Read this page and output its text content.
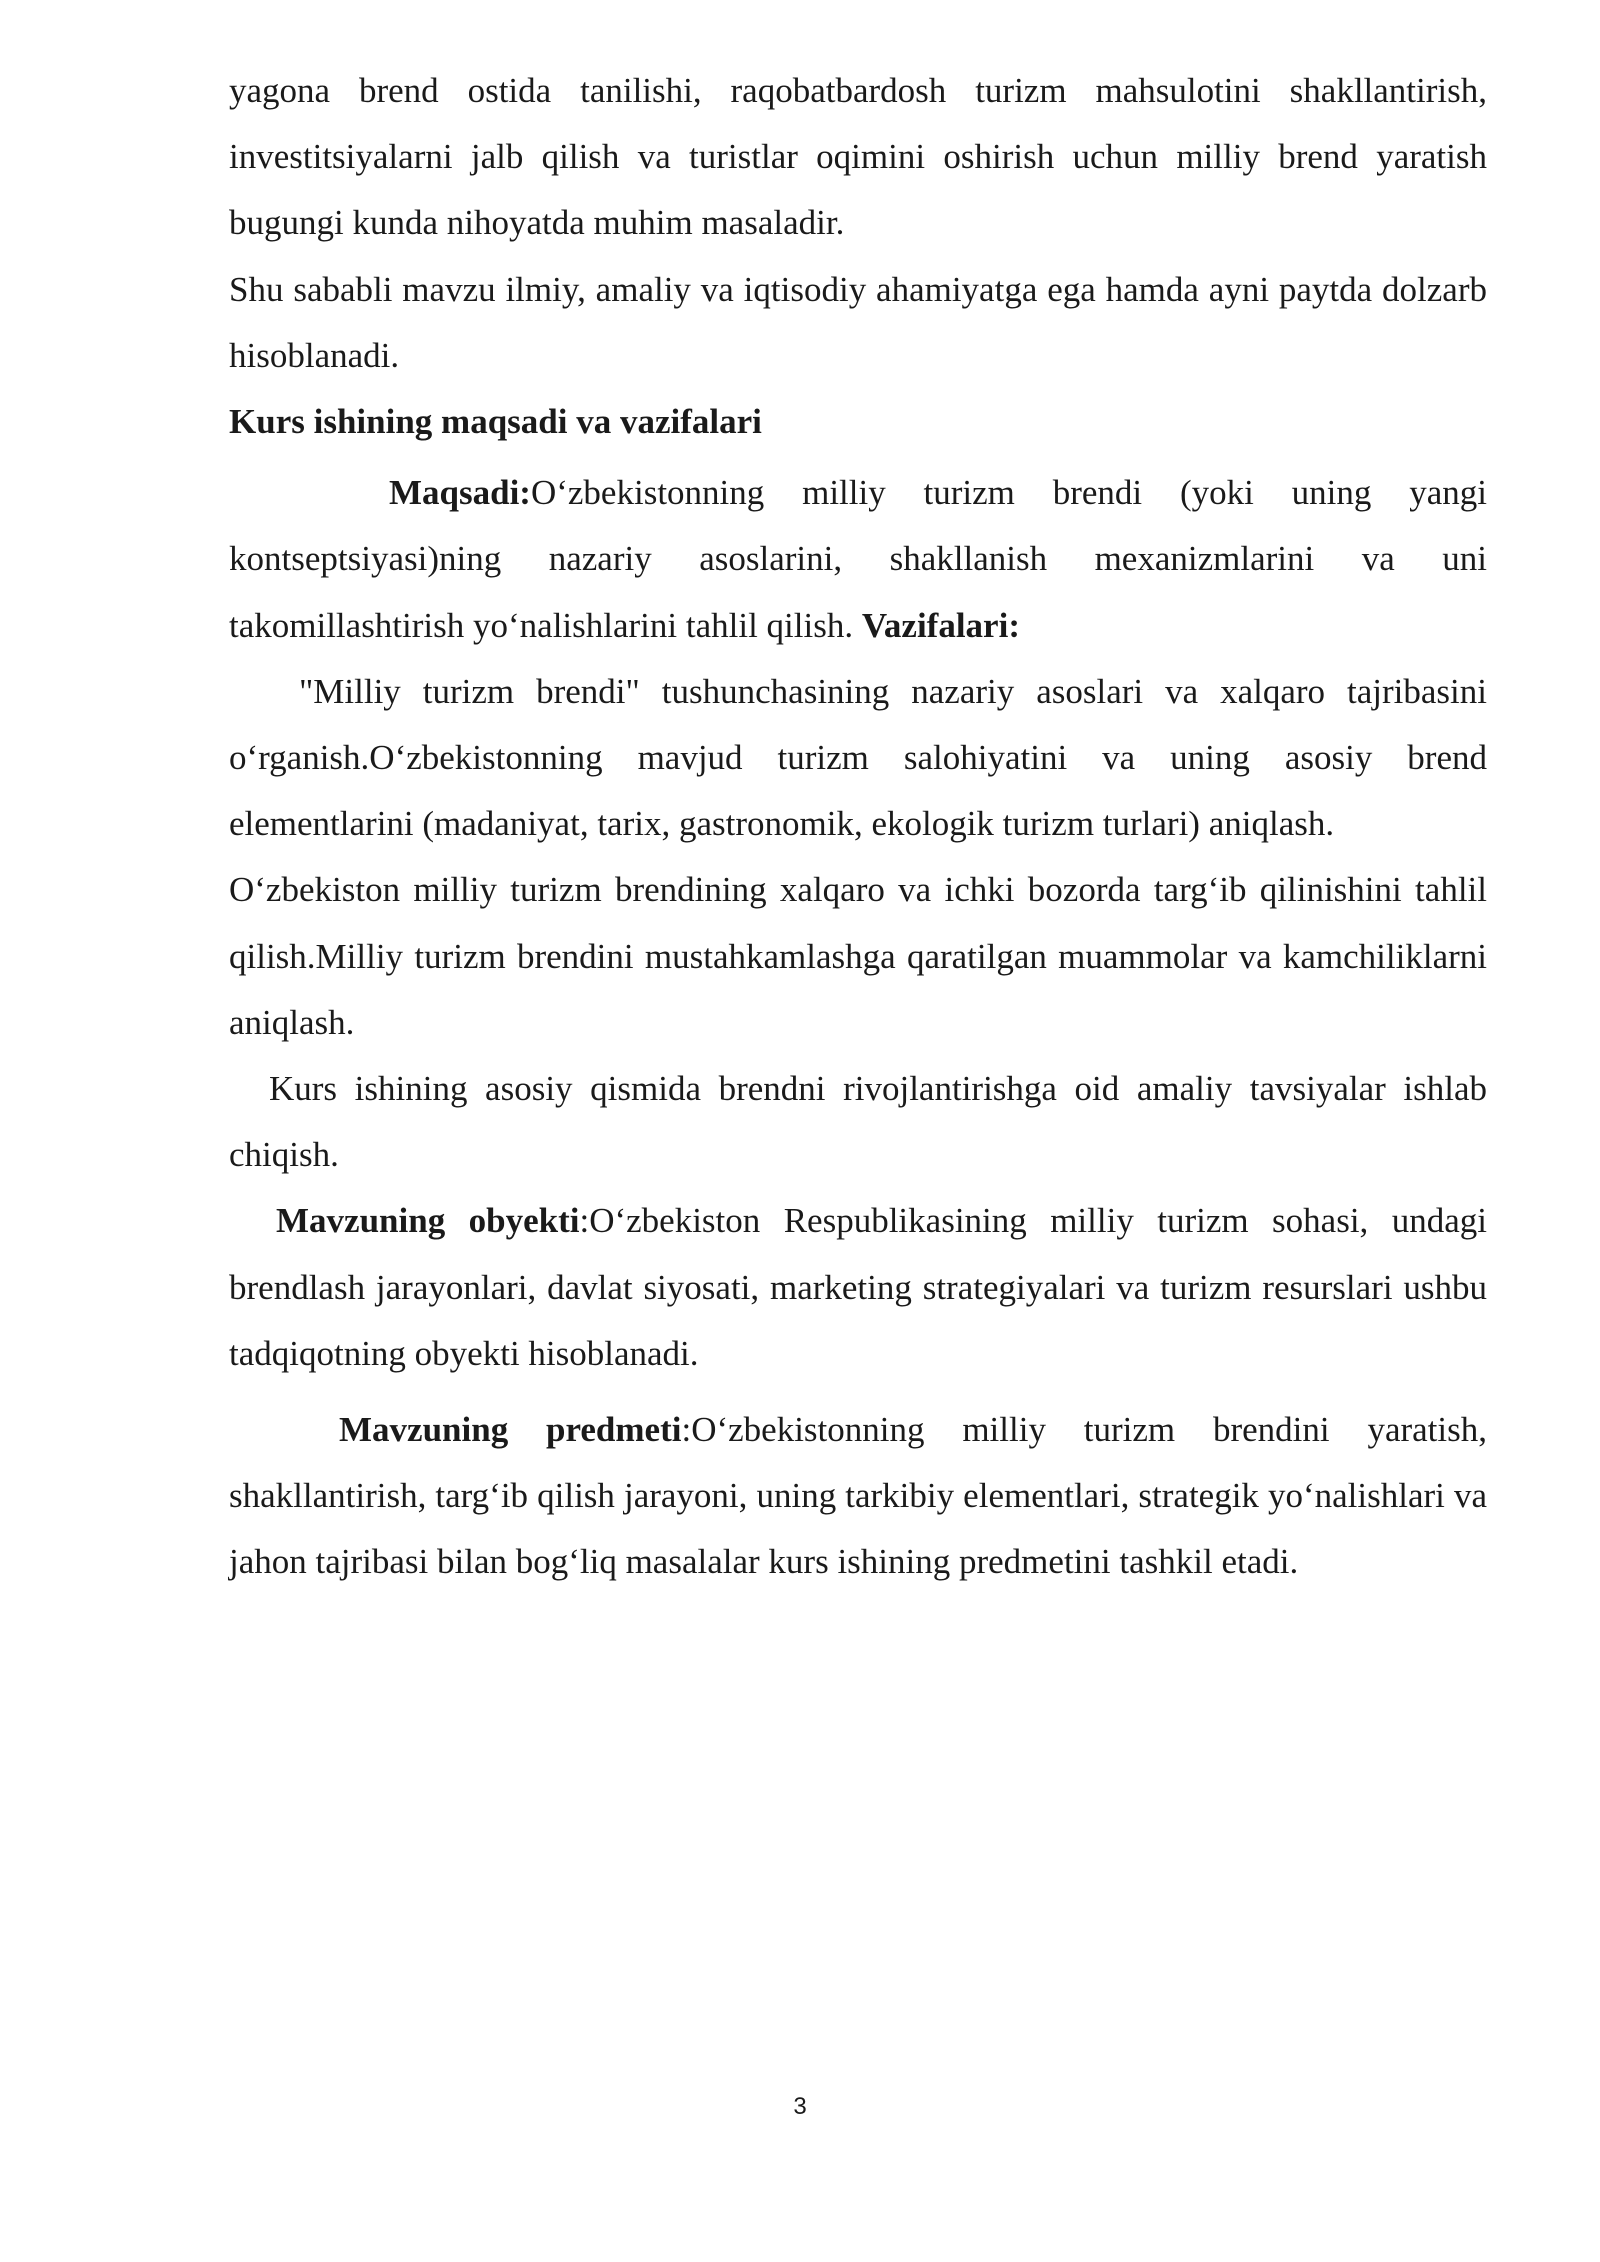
yagona brend ostida tanilishi, raqobatbardosh turizm mahsulotini shakllantirish, investitsiyalarni jalb qilish va turistlar oqimini oshirish uchun milliy brend yaratish bugungi kunda nihoyatda muhim masaladir.

Shu sababli mavzu ilmiy, amaliy va iqtisodiy ahamiyatga ega hamda ayni paytda dolzarb hisoblanadi.

Kurs ishining maqsadi va vazifalari

Maqsadi:O‘zbekistonning milliy turizm brendi (yoki uning yangi kontseptsiyasi)ning nazariy asoslarini, shakllanish mexanizmlarini va uni takomillashtirish yo‘nalishlarini tahlil qilish. Vazifalari:

"Milliy turizm brendi" tushunchasining nazariy asoslari va xalqaro tajribasini o‘rganish.O‘zbekistonning mavjud turizm salohiyatini va uning asosiy brend elementlarini (madaniyat, tarix, gastronomik, ekologik turizm turlari) aniqlash.

O‘zbekiston milliy turizm brendining xalqaro va ichki bozorda targ‘ib qilinishini tahlil qilish.Milliy turizm brendini mustahkamlashga qaratilgan muammolar va kamchiliklarni aniqlash.

Kurs ishining asosiy qismida brendni rivojlantirishga oid amaliy tavsiyalar ishlab chiqish.

Mavzuning obyekti:O‘zbekiston Respublikasining milliy turizm sohasi, undagi brendlash jarayonlari, davlat siyosati, marketing strategiyalari va turizm resurslari ushbu tadqiqotning obyekti hisoblanadi.

Mavzuning predmeti:O‘zbekistonning milliy turizm brendini yaratish, shakllantirish, targ‘ib qilish jarayoni, uning tarkibiy elementlari, strategik yo‘nalishlari va jahon tajribasi bilan bog‘liq masalalar kurs ishining predmetini tashkil etadi.

3
